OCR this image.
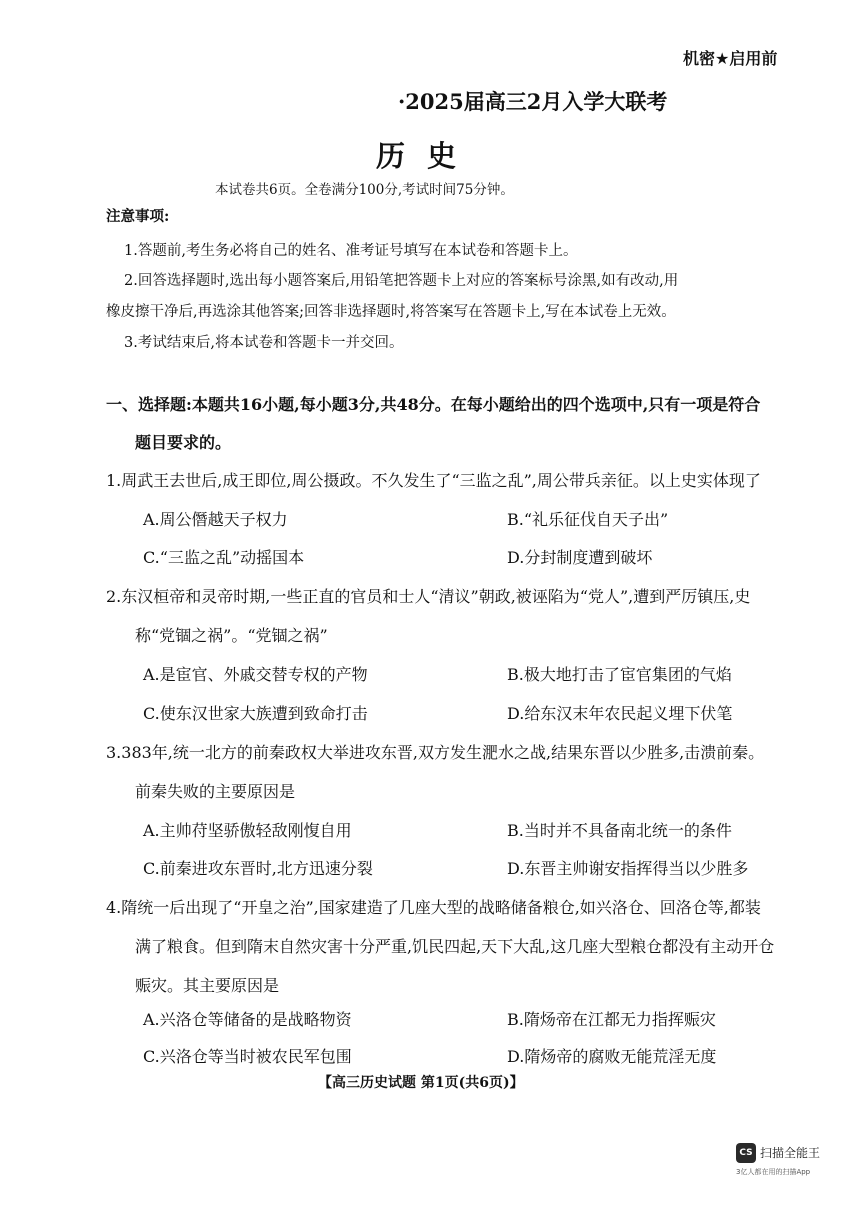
机密★启用前
·2025届高三2月入学大联考
历史
本试卷共6页。全卷满分100分,考试时间75分钟。
注意事项:
1.答题前,考生务必将自己的姓名、准考证号填写在本试卷和答题卡上。
2.回答选择题时,选出每小题答案后,用铅笔把答题卡上对应的答案标号涂黑,如有改动,用
橡皮擦干净后,再选涂其他答案;回答非选择题时,将答案写在答题卡上,写在本试卷上无效。
3.考试结束后,将本试卷和答题卡一并交回。
一、选择题:本题共16小题,每小题3分,共48分。在每小题给出的四个选项中,只有一项是符合
题目要求的。
1.周武王去世后,成王即位,周公摄政。不久发生了“三监之乱”,周公带兵亲征。以上史实体现了
A.周公僭越天子权力	B.“礼乐征伐自天子出”
C.“三监之乱”动摇国本	D.分封制度遭到破坏
2.东汉桓帝和灵帝时期,一些正直的官员和士人“清议”朝政,被诬陷为“党人”,遭到严厉镇压,史
称“党锢之祸”。“党锢之祸”
A.是宦官、外戚交替专权的产物	B.极大地打击了宦官集团的气焰
C.使东汉世家大族遭到致命打击	D.给东汉末年农民起义埋下伏笔
3.383年,统一北方的前秦政权大举进攻东晋,双方发生淝水之战,结果东晋以少胜多,击溃前秦。
前秦失败的主要原因是
A.主帅苻坚骄傲轻敌刚愎自用	B.当时并不具备南北统一的条件
C.前秦进攻东晋时,北方迅速分裂	D.东晋主帅谢安指挥得当以少胜多
4.隋统一后出现了“开皇之治”,国家建造了几座大型的战略储备粮仓,如兴洛仓、回洛仓等,都装
满了粮食。但到隋末自然灾害十分严重,饥民四起,天下大乱,这几座大型粮仓都没有主动开仓
赈灾。其主要原因是
A.兴洛仓等储备的是战略物资	B.隋炀帝在江都无力指挥赈灾
C.兴洛仓等当时被农民军包围	D.隋炀帝的腐败无能荒淫无度
【高三历史试题 第1页(共6页)】
CS 扫描全能王
3亿人都在用的扫描App
